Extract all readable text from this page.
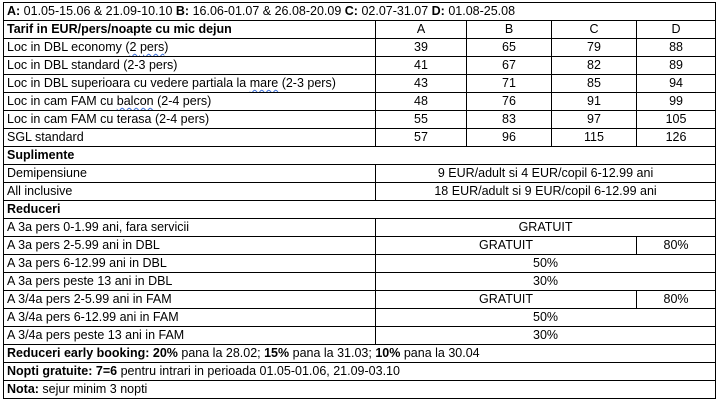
A: 01.05-15.06 & 21.09-10.10 B: 16.06-01.07 & 26.08-20.09 C: 02.07-31.07 D: 01.08-25.08				
Tarif in EUR/pers/noapte cu mic dejun	A	B	C	D
Loc in DBL economy (2 pers)	39	65	79	88
Loc in DBL standard (2-3 pers)	41	67	82	89
Loc in DBL superioara cu vedere partiala la mare (2-3 pers)	43	71	85	94
Loc in cam FAM cu balcon (2-4 pers)	48	76	91	99
Loc in cam FAM cu terasa (2-4 pers)	55	83	97	105
SGL standard	57	96	115	126
Suplimente				
Demipensiune	9 EUR/adult si 4 EUR/copil 6-12.99 ani			
All inclusive	18 EUR/adult si 9 EUR/copil 6-12.99 ani			
Reduceri				
A 3a pers 0-1.99 ani, fara servicii	GRATUIT			
A 3a pers 2-5.99 ani in DBL	GRATUIT			80%
A 3a pers 6-12.99 ani in DBL	50%			
A 3a pers peste 13 ani in DBL	30%			
A 3/4a pers 2-5.99 ani in FAM	GRATUIT			80%
A 3/4a pers 6-12.99 ani in FAM	50%			
A 3/4a pers peste 13 ani in FAM	30%			
Reduceri early booking: 20% pana la 28.02; 15% pana la 31.03; 10% pana la 30.04				
Nopti gratuite: 7=6 pentru intrari in perioada 01.05-01.06, 21.09-03.10				
Nota: sejur minim 3 nopti				
